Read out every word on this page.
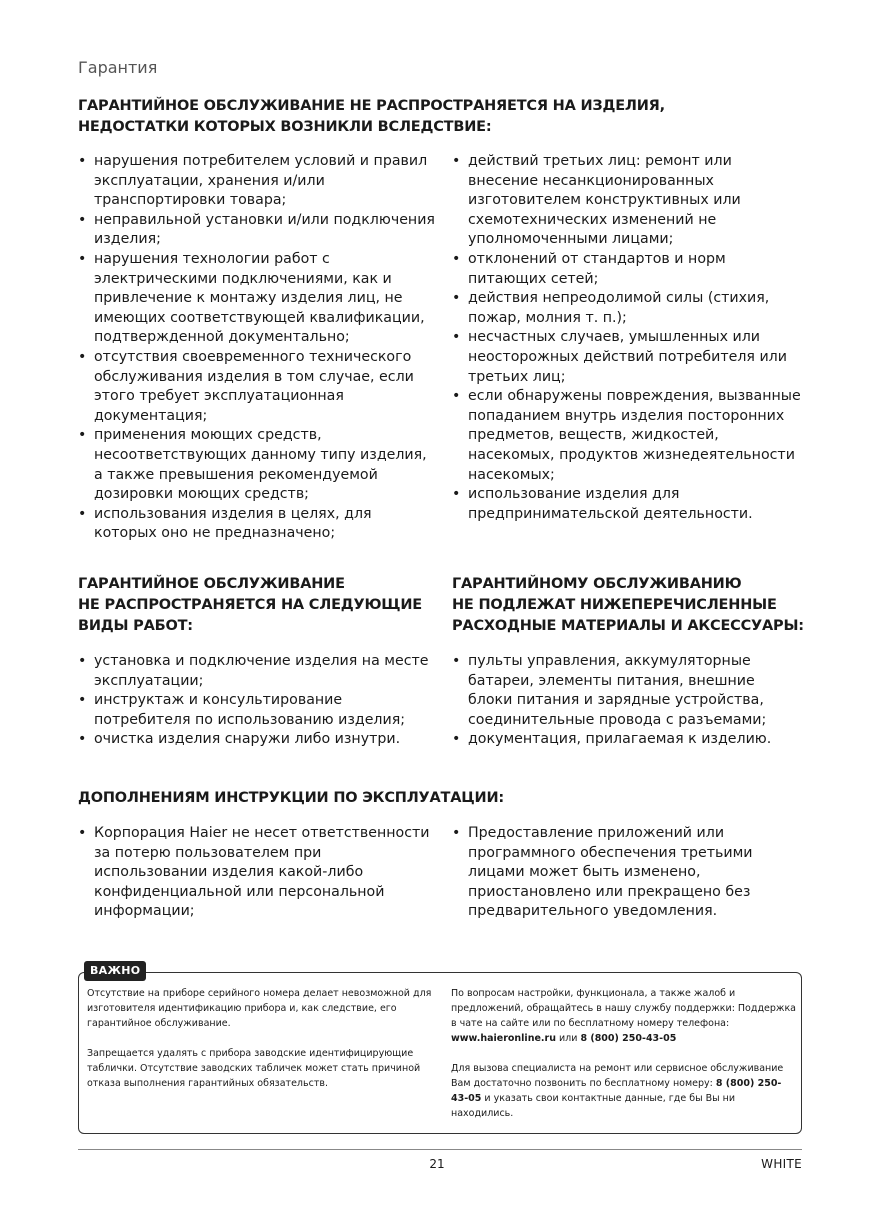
Гарантия
ГАРАНТИЙНОЕ ОБСЛУЖИВАНИЕ НЕ РАСПРОСТРАНЯЕТСЯ НА ИЗДЕЛИЯ,
НЕДОСТАТКИ КОТОРЫХ ВОЗНИКЛИ ВСЛЕДСТВИЕ:
• нарушения потребителем условий и правил эксплуатации, хранения и/или транспортировки товара;
• неправильной установки и/или подключения изделия;
• нарушения технологии работ с электрическими подключениями, как и привлечение к монтажу изделия лиц, не имеющих соответствующей квалификации, подтвержденной документально;
• отсутствия своевременного технического обслуживания изделия в том случае, если этого требует эксплуатационная документация;
• применения моющих средств, несоответствующих данному типу изделия, а также превышения рекомендуемой дозировки моющих средств;
• использования изделия в целях, для которых оно не предназначено;
• действий третьих лиц: ремонт или внесение несанкционированных изготовителем конструктивных или схемотехнических изменений не уполномоченными лицами;
• отклонений от стандартов и норм питающих сетей;
• действия непреодолимой силы (стихия, пожар, молния т. п.);
• несчастных случаев, умышленных или неосторожных действий потребителя или третьих лиц;
• если обнаружены повреждения, вызванные попаданием внутрь изделия посторонних предметов, веществ, жидкостей, насекомых, продуктов жизнедеятельности насекомых;
• использование изделия для предпринимательской деятельности.
ГАРАНТИЙНОЕ ОБСЛУЖИВАНИЕ
НЕ РАСПРОСТРАНЯЕТСЯ НА СЛЕДУЮЩИЕ
ВИДЫ РАБОТ:
• установка и подключение изделия на месте эксплуатации;
• инструктаж и консультирование потребителя по использованию изделия;
• очистка изделия снаружи либо изнутри.
ГАРАНТИЙНОМУ ОБСЛУЖИВАНИЮ
НЕ ПОДЛЕЖАТ НИЖЕПЕРЕЧИСЛЕННЫЕ
РАСХОДНЫЕ МАТЕРИАЛЫ И АКСЕССУАРЫ:
• пульты управления, аккумуляторные батареи, элементы питания, внешние блоки питания и зарядные устройства, соединительные провода с разъемами;
• документация, прилагаемая к изделию.
ДОПОЛНЕНИЯМ ИНСТРУКЦИИ ПО ЭКСПЛУАТАЦИИ:
• Корпорация Haier не несет ответственности за потерю пользователем при использовании изделия какой-либо конфиденциальной или персональной информации;
• Предоставление приложений или программного обеспечения третьими лицами может быть изменено, приостановлено или прекращено без предварительного уведомления.
ВАЖНО

Отсутствие на приборе серийного номера делает невозможной для изготовителя идентификацию прибора и, как следствие, его гарантийное обслуживание.

Запрещается удалять с прибора заводские идентифицирующие таблички. Отсутствие заводских табличек может стать причиной отказа выполнения гарантийных обязательств.

По вопросам настройки, функционала, а также жалоб и предложений, обращайтесь в нашу службу поддержки: Поддержка в чате на сайте или по бесплатному номеру телефона: www.haieronline.ru или 8 (800) 250-43-05

Для вызова специалиста на ремонт или сервисное обслуживание Вам достаточно позвонить по бесплатному номеру: 8 (800) 250-43-05 и указать свои контактные данные, где бы Вы ни находились.

21	WHITE
